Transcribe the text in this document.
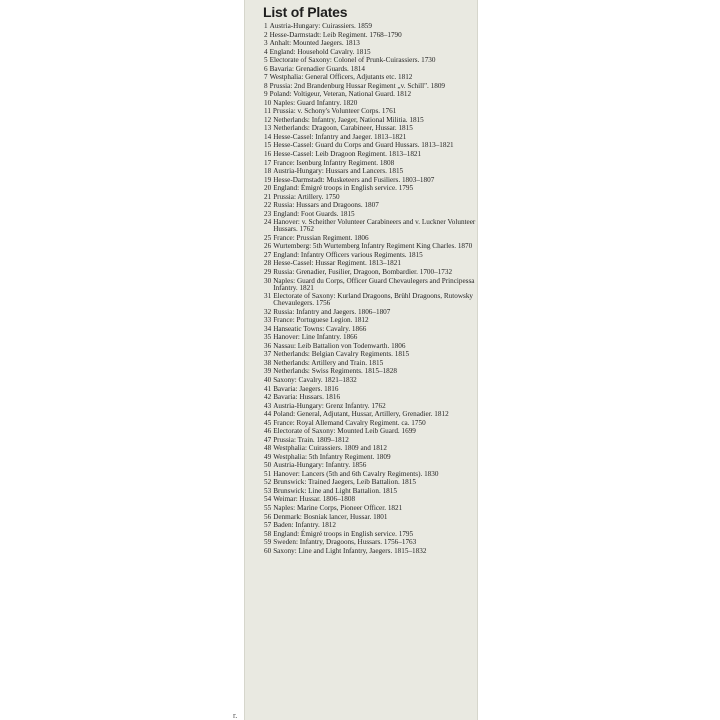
List of Plates
1 Austria-Hungary: Cuirassiers. 1859
2 Hesse-Darmstadt: Leib Regiment. 1768–1790
3 Anhalt: Mounted Jaegers. 1813
4 England: Household Cavalry. 1815
5 Electorate of Saxony: Colonel of Prunk-Cuirassiers. 1730
6 Bavaria: Grenadier Guards. 1814
7 Westphalia: General Officers, Adjutants etc. 1812
8 Prussia: 2nd Brandenburg Hussar Regiment „v. Schill". 1809
9 Poland: Voltigeur, Veteran, National Guard. 1812
10 Naples: Guard Infantry. 1820
11 Prussia: v. Schony's Volunteer Corps. 1761
12 Netherlands: Infantry, Jaeger, National Militia. 1815
13 Netherlands: Dragoon, Carabineer, Hussar. 1815
14 Hesse-Cassel: Infantry and Jaeger. 1813–1821
15 Hesse-Cassel: Guard du Corps and Guard Hussars. 1813–1821
16 Hesse-Cassel: Leib Dragoon Regiment. 1813–1821
17 France: Isenburg Infantry Regiment. 1808
18 Austria-Hungary: Hussars and Lancers. 1815
19 Hesse-Darmstadt: Musketeers and Fusiliers. 1803–1807
20 England: Émigré troops in English service. 1795
21 Prussia: Artillery. 1750
22 Russia: Hussars and Dragoons. 1807
23 England: Foot Guards. 1815
24 Hanover: v. Scheither Volunteer Carabineers and v. Luckner Volunteer Hussars. 1762
25 France: Prussian Regiment. 1806
26 Wurtemberg: 5th Wurtemberg Infantry Regiment King Charles. 1870
27 England: Infantry Officers various Regiments. 1815
28 Hesse-Cassel: Hussar Regiment. 1813–1821
29 Russia: Grenadier, Fusilier, Dragoon, Bombardier. 1700–1732
30 Naples: Guard du Corps, Officer Guard Chevaulegers and Principessa Infantry. 1821
31 Electorate of Saxony: Kurland Dragoons, Brühl Dragoons, Rutowsky Chevaulegers. 1756
32 Russia: Infantry and Jaegers. 1806–1807
33 France: Portuguese Legion. 1812
34 Hanseatic Towns: Cavalry. 1866
35 Hanover: Line Infantry. 1866
36 Nassau: Leib Battalion von Todenwarth. 1806
37 Netherlands: Belgian Cavalry Regiments. 1815
38 Netherlands: Artillery and Train. 1815
39 Netherlands: Swiss Regiments. 1815–1828
40 Saxony: Cavalry. 1821–1832
41 Bavaria: Jaegers. 1816
42 Bavaria: Hussars. 1816
43 Austria-Hungary: Grenz Infantry. 1762
44 Poland: General, Adjutant, Hussar, Artillery, Grenadier. 1812
45 France: Royal Allemand Cavalry Regiment. ca. 1750
46 Electorate of Saxony: Mounted Leib Guard. 1699
47 Prussia: Train. 1809–1812
48 Westphalia: Cuirassiers. 1809 and 1812
49 Westphalia: 5th Infantry Regiment. 1809
50 Austria-Hungary: Infantry. 1856
51 Hanover: Lancers (5th and 6th Cavalry Regiments). 1830
52 Brunswick: Trained Jaegers, Leib Battalion. 1815
53 Brunswick: Line and Light Battalion. 1815
54 Weimar: Hussar. 1806–1808
55 Naples: Marine Corps, Pioneer Officer. 1821
56 Denmark: Bosniak lancer, Hussar. 1801
57 Baden: Infantry. 1812
58 England: Émigré troops in English service. 1795
59 Sweden: Infantry, Dragoons, Hussars. 1756–1763
60 Saxony: Line and Light Infantry, Jaegers. 1815–1832
r.
